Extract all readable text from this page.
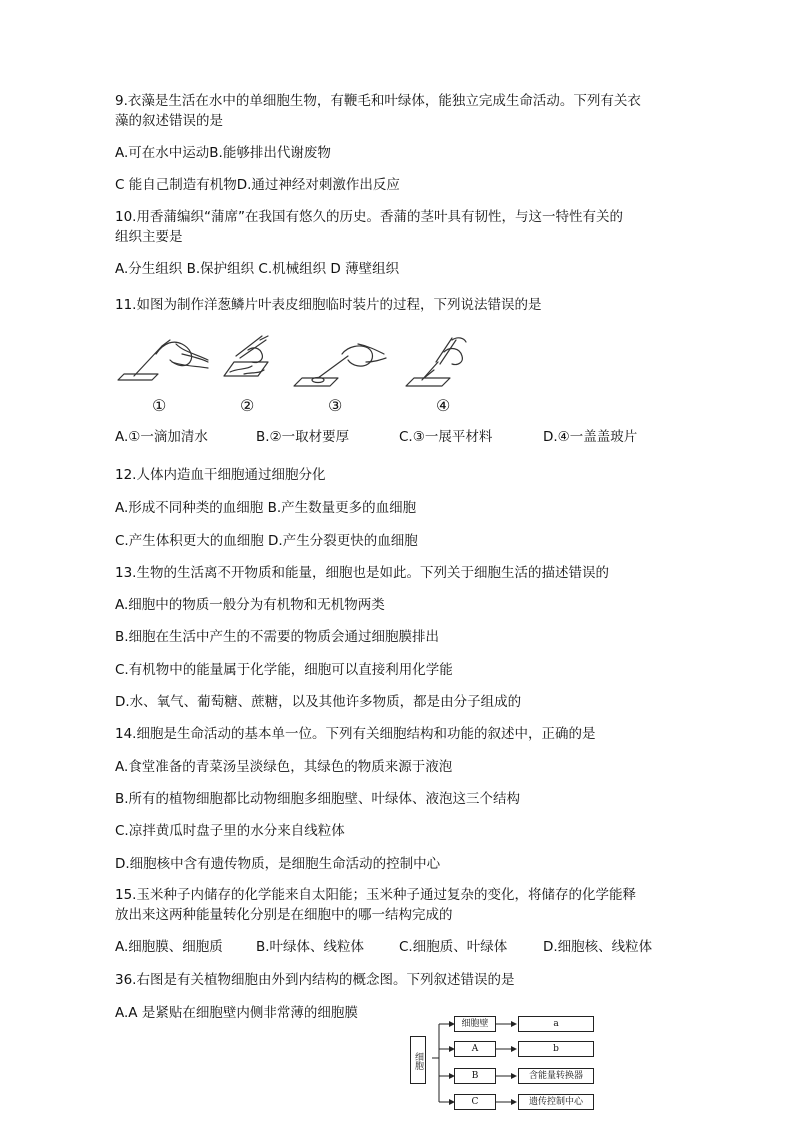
9.衣藻是生活在水中的单细胞生物，有鞭毛和叶绿体，能独立完成生命活动。下列有关衣
藻的叙述错误的是
A.可在水中运动B.能够排出代谢废物
C 能自己制造有机物D.通过神经对刺激作出反应
10.用香蒲编织“蒲席”在我国有悠久的历史。香蒲的茎叶具有韧性，与这一特性有关的
组织主要是
A.分生组织 B.保护组织 C.机械组织 D 薄壁组织
11.如图为制作洋葱鳞片叶表皮细胞临时装片的过程，下列说法错误的是
①	②	③	④
A.①一滴加清水	B.②一取材要厚	C.③一展平材料	D.④一盖盖玻片
12.人体内造血干细胞通过细胞分化
A.形成不同种类的血细胞 B.产生数量更多的血细胞
C.产生体积更大的血细胞 D.产生分裂更快的血细胞
13.生物的生活离不开物质和能量，细胞也是如此。下列关于细胞生活的描述错误的
A.细胞中的物质一般分为有机物和无机物两类
B.细胞在生活中产生的不需要的物质会通过细胞膜排出
C.有机物中的能量属于化学能，细胞可以直接利用化学能
D.水、氧气、葡萄糖、蔗糖，以及其他许多物质，都是由分子组成的
14.细胞是生命活动的基本单一位。下列有关细胞结构和功能的叙述中，正确的是
A.食堂准备的青菜汤呈淡绿色，其绿色的物质来源于液泡
B.所有的植物细胞都比动物细胞多细胞壁、叶绿体、液泡这三个结构
C.凉拌黄瓜时盘子里的水分来自线粒体
D.细胞核中含有遗传物质，是细胞生命活动的控制中心
15.玉米种子内储存的化学能来自太阳能；玉米种子通过复杂的变化，将储存的化学能释
放出来这两种能量转化分别是在细胞中的哪一结构完成的
A.细胞膜、细胞质 B.叶绿体、线粒体	C.细胞质、叶绿体	D.细胞核、线粒体
36.右图是有关植物细胞由外到内结构的概念图。下列叙述错误的是
A.A 是紧贴在细胞壁内侧非常薄的细胞膜
细胞
细胞壁
A
B
C
a
b
含能量转换器
遗传控制中心
